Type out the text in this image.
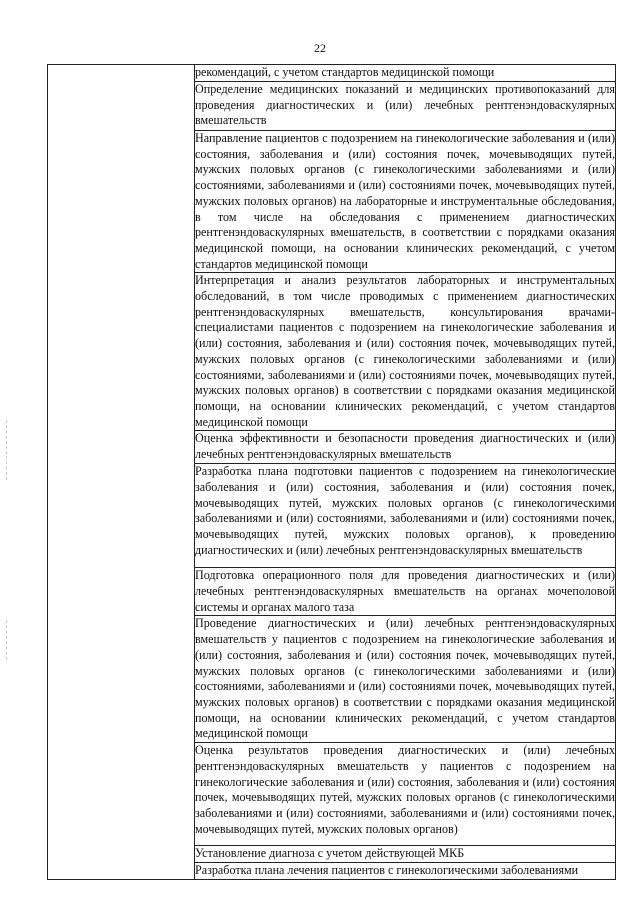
22
	рекомендаций, с учетом стандартов медицинской помощи
Определение медицинских показаний и медицинских противопоказаний для проведения диагностических и (или) лечебных рентгенэндоваскулярных вмешательств
Направление пациентов с подозрением на гинекологические заболевания и (или) состояния, заболевания и (или) состояния почек, мочевыводящих путей, мужских половых органов (с гинекологическими заболеваниями и (или) состояниями, заболеваниями и (или) состояниями почек, мочевыводящих путей, мужских половых органов) на лабораторные и инструментальные обследования, в том числе на обследования с применением диагностических рентгенэндоваскулярных вмешательств, в соответствии с порядками оказания медицинской помощи, на основании клинических рекомендаций, с учетом стандартов медицинской помощи
Интерпретация и анализ результатов лабораторных и инструментальных обследований, в том числе проводимых с применением диагностических рентгенэндоваскулярных вмешательств, консультирования врачами-специалистами пациентов с подозрением на гинекологические заболевания и (или) состояния, заболевания и (или) состояния почек, мочевыводящих путей, мужских половых органов (с гинекологическими заболеваниями и (или) состояниями, заболеваниями и (или) состояниями почек, мочевыводящих путей, мужских половых органов) в соответствии с порядками оказания медицинской помощи, на основании клинических рекомендаций, с учетом стандартов медицинской помощи
Оценка эффективности и безопасности проведения диагностических и (или) лечебных рентгенэндоваскулярных вмешательств
Разработка плана подготовки пациентов с подозрением на гинекологические заболевания и (или) состояния, заболевания и (или) состояния почек, мочевыводящих путей, мужских половых органов (с гинекологическими заболеваниями и (или) состояниями, заболеваниями и (или) состояниями почек, мочевыводящих путей, мужских половых органов), к проведению диагностических и (или) лечебных рентгенэндоваскулярных вмешательств
Подготовка операционного поля для проведения диагностических и (или) лечебных рентгенэндоваскулярных вмешательств на органах мочеполовой системы и органах малого таза
Проведение диагностических и (или) лечебных рентгенэндоваскулярных вмешательств у пациентов с подозрением на гинекологические заболевания и (или) состояния, заболевания и (или) состояния почек, мочевыводящих путей, мужских половых органов (с гинекологическими заболеваниями и (или) состояниями, заболеваниями и (или) состояниями почек, мочевыводящих путей, мужских половых органов) в соответствии с порядками оказания медицинской помощи, на основании клинических рекомендаций, с учетом стандартов медицинской помощи
Оценка результатов проведения диагностических и (или) лечебных рентгенэндоваскулярных вмешательств у пациентов с подозрением на гинекологические заболевания и (или) состояния, заболевания и (или) состояния почек, мочевыводящих путей, мужских половых органов (с гинекологическими заболеваниями и (или) состояниями, заболеваниями и (или) состояниями почек, мочевыводящих путей, мужских половых органов)
Установление диагноза с учетом действующей МКБ
Разработка плана лечения пациентов с гинекологическими заболеваниями
